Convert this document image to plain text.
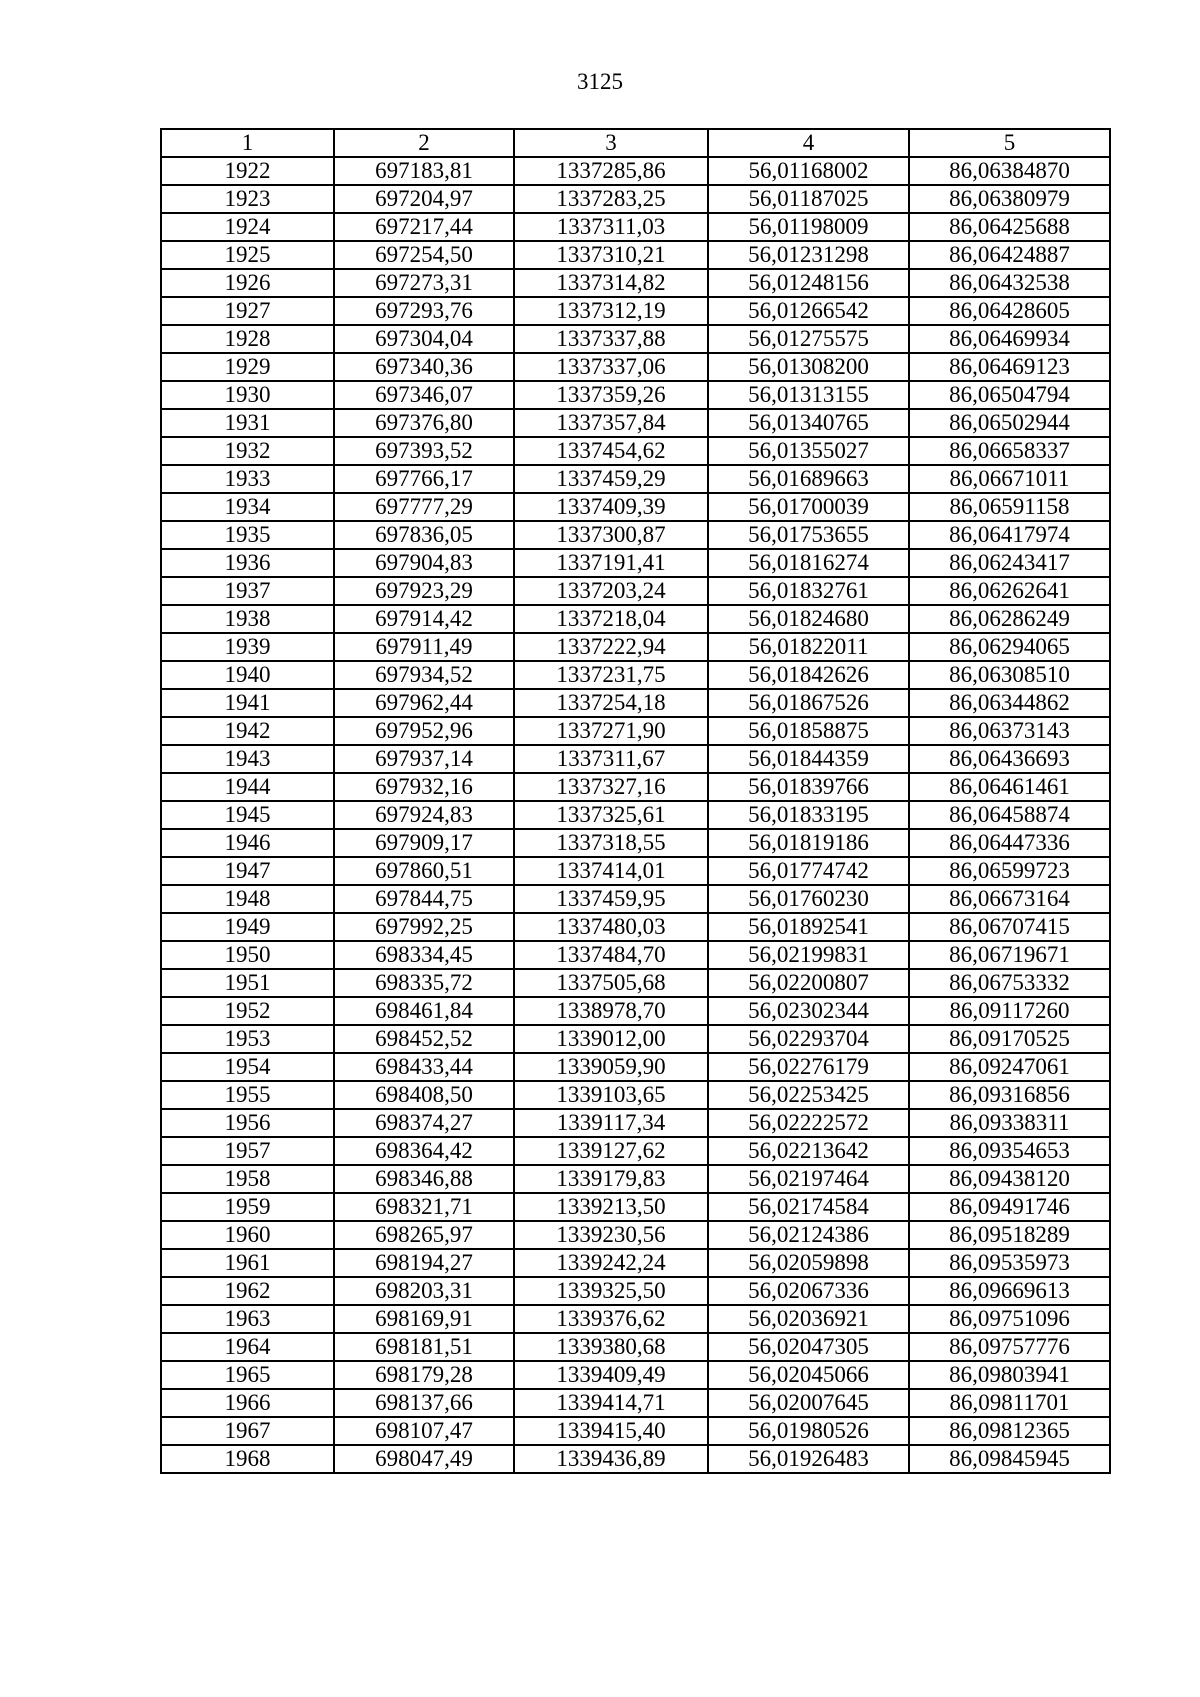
3125
1	2	3	4	5
1922	697183,81	1337285,86	56,01168002	86,06384870
1923	697204,97	1337283,25	56,01187025	86,06380979
1924	697217,44	1337311,03	56,01198009	86,06425688
1925	697254,50	1337310,21	56,01231298	86,06424887
1926	697273,31	1337314,82	56,01248156	86,06432538
1927	697293,76	1337312,19	56,01266542	86,06428605
1928	697304,04	1337337,88	56,01275575	86,06469934
1929	697340,36	1337337,06	56,01308200	86,06469123
1930	697346,07	1337359,26	56,01313155	86,06504794
1931	697376,80	1337357,84	56,01340765	86,06502944
1932	697393,52	1337454,62	56,01355027	86,06658337
1933	697766,17	1337459,29	56,01689663	86,06671011
1934	697777,29	1337409,39	56,01700039	86,06591158
1935	697836,05	1337300,87	56,01753655	86,06417974
1936	697904,83	1337191,41	56,01816274	86,06243417
1937	697923,29	1337203,24	56,01832761	86,06262641
1938	697914,42	1337218,04	56,01824680	86,06286249
1939	697911,49	1337222,94	56,01822011	86,06294065
1940	697934,52	1337231,75	56,01842626	86,06308510
1941	697962,44	1337254,18	56,01867526	86,06344862
1942	697952,96	1337271,90	56,01858875	86,06373143
1943	697937,14	1337311,67	56,01844359	86,06436693
1944	697932,16	1337327,16	56,01839766	86,06461461
1945	697924,83	1337325,61	56,01833195	86,06458874
1946	697909,17	1337318,55	56,01819186	86,06447336
1947	697860,51	1337414,01	56,01774742	86,06599723
1948	697844,75	1337459,95	56,01760230	86,06673164
1949	697992,25	1337480,03	56,01892541	86,06707415
1950	698334,45	1337484,70	56,02199831	86,06719671
1951	698335,72	1337505,68	56,02200807	86,06753332
1952	698461,84	1338978,70	56,02302344	86,09117260
1953	698452,52	1339012,00	56,02293704	86,09170525
1954	698433,44	1339059,90	56,02276179	86,09247061
1955	698408,50	1339103,65	56,02253425	86,09316856
1956	698374,27	1339117,34	56,02222572	86,09338311
1957	698364,42	1339127,62	56,02213642	86,09354653
1958	698346,88	1339179,83	56,02197464	86,09438120
1959	698321,71	1339213,50	56,02174584	86,09491746
1960	698265,97	1339230,56	56,02124386	86,09518289
1961	698194,27	1339242,24	56,02059898	86,09535973
1962	698203,31	1339325,50	56,02067336	86,09669613
1963	698169,91	1339376,62	56,02036921	86,09751096
1964	698181,51	1339380,68	56,02047305	86,09757776
1965	698179,28	1339409,49	56,02045066	86,09803941
1966	698137,66	1339414,71	56,02007645	86,09811701
1967	698107,47	1339415,40	56,01980526	86,09812365
1968	698047,49	1339436,89	56,01926483	86,09845945
